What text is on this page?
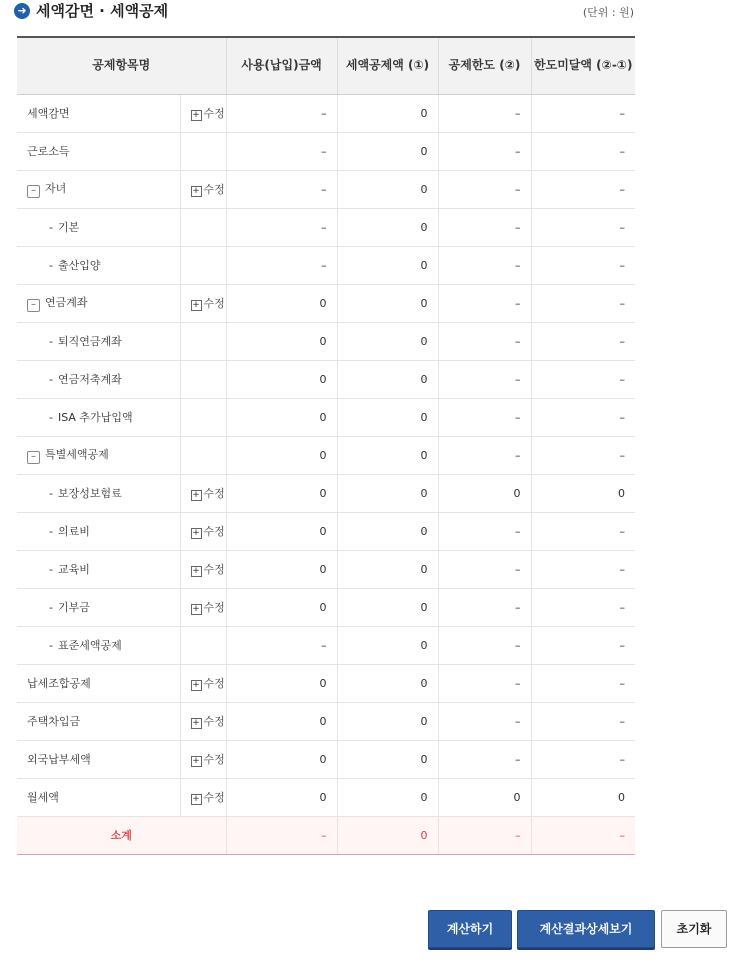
➜ 세액감면 · 세액공제	(단위 : 원)
공제항목명		사용(납입)금액	세액공제액 (①)	공제한도 (②)	한도미달액 (②-①)
세액감면	+ 수정	–	0	–	–
근로소득		–	0	–	–
– 자녀	+ 수정	–	0	–	–
- 기본		–	0	–	–
- 출산입양		–	0	–	–
– 연금계좌	+ 수정	0	0	–	–
- 퇴직연금계좌		0	0	–	–
- 연금저축계좌		0	0	–	–
- ISA 추가납입액		0	0	–	–
– 특별세액공제		0	0	–	–
- 보장성보험료	+ 수정	0	0	0	0
- 의료비	+ 수정	0	0	–	–
- 교육비	+ 수정	0	0	–	–
- 기부금	+ 수정	0	0	–	–
- 표준세액공제		–	0	–	–
납세조합공제	+ 수정	0	0	–	–
주택차입금	+ 수정	0	0	–	–
외국납부세액	+ 수정	0	0	–	–
월세액	+ 수정	0	0	0	0
소계		–	0	–	–
계산하기	계산결과상세보기	초기화
